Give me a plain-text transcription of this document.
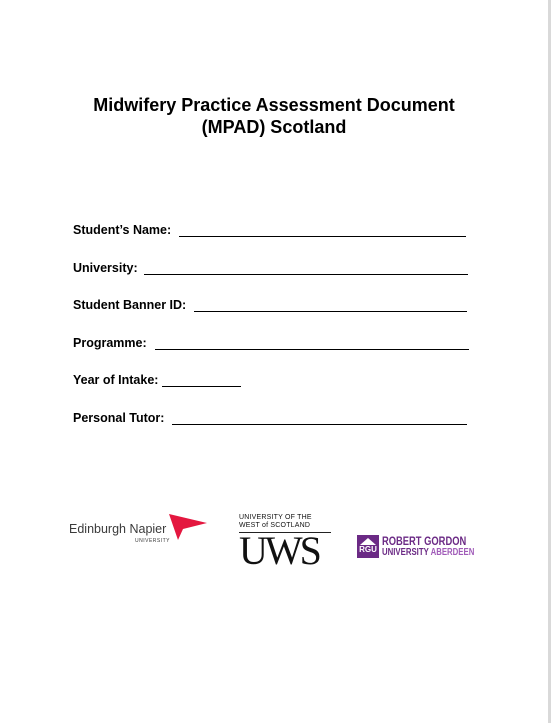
Midwifery Practice Assessment Document
(MPAD) Scotland
Student’s Name:
University:
Student Banner ID:
Programme:
Year of Intake:
Personal Tutor:
Edinburgh Napier
UNIVERSITY
UNIVERSITY OF THE
WEST of SCOTLAND
UWS	RGU
ROBERT GORDON
UNIVERSITY ABERDEEN
